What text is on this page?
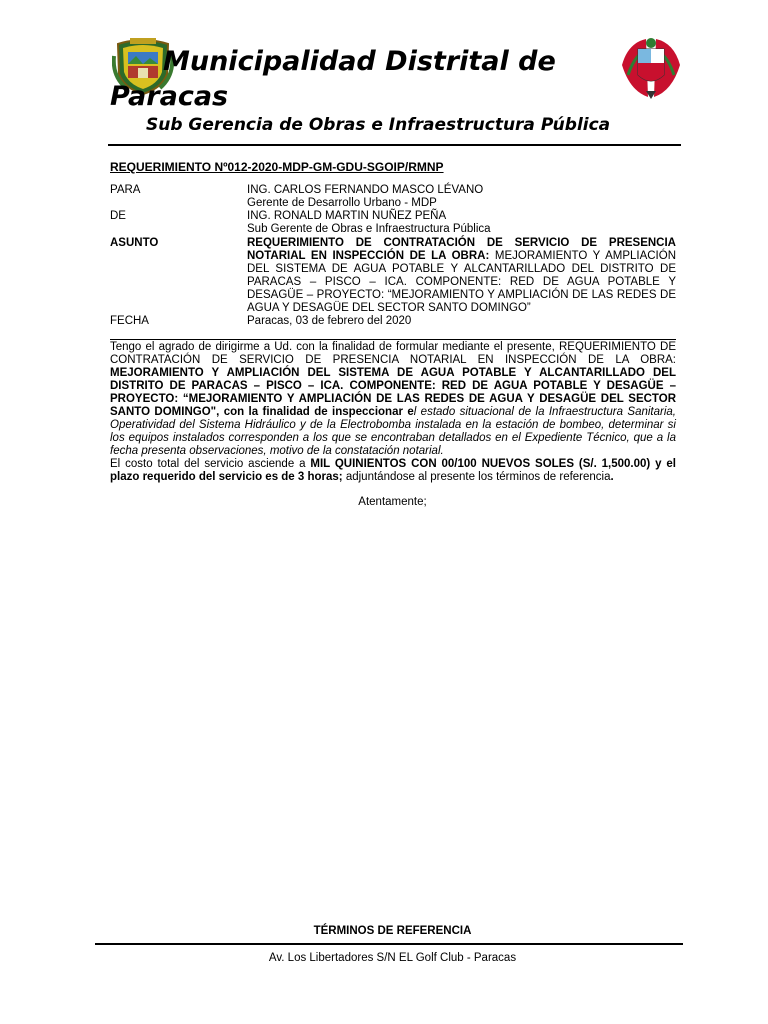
Municipalidad Distrital de
Paracas
Sub Gerencia de Obras e Infraestructura Pública
REQUERIMIENTO Nº012-2020-MDP-GM-GDU-SGOIP/RMNP
PARA	ING. CARLOS FERNANDO MASCO LÉVANO
Gerente de Desarrollo Urbano - MDP
DE	ING. RONALD MARTIN NUÑEZ PEÑA
Sub Gerente de Obras e Infraestructura Pública
ASUNTO	REQUERIMIENTO DE CONTRATACIÓN DE SERVICIO DE PRESENCIA NOTARIAL EN INSPECCIÓN DE LA OBRA: MEJORAMIENTO Y AMPLIACIÓN DEL SISTEMA DE AGUA POTABLE Y ALCANTARILLADO DEL DISTRITO DE PARACAS – PISCO – ICA. COMPONENTE: RED DE AGUA POTABLE Y DESAGÜE – PROYECTO: “MEJORAMIENTO Y AMPLIACIÓN DE LAS REDES DE AGUA Y DESAGÜE DEL SECTOR SANTO DOMINGO”
FECHA	Paracas, 03 de febrero del 2020
Tengo el agrado de dirigirme a Ud. con la finalidad de formular mediante el presente, REQUERIMIENTO DE CONTRATACIÓN DE SERVICIO DE PRESENCIA NOTARIAL EN INSPECCIÓN DE LA OBRA: MEJORAMIENTO Y AMPLIACIÓN DEL SISTEMA DE AGUA POTABLE Y ALCANTARILLADO DEL DISTRITO DE PARACAS – PISCO – ICA. COMPONENTE: RED DE AGUA POTABLE Y DESAGÜE – PROYECTO: “MEJORAMIENTO Y AMPLIACIÓN DE LAS REDES DE AGUA Y DESAGÜE DEL SECTOR SANTO DOMINGO", con la finalidad de inspeccionar el estado situacional de la Infraestructura Sanitaria, Operatividad del Sistema Hidráulico y de la Electrobomba instalada en la estación de bombeo, determinar si los equipos instalados corresponden a los que se encontraban detallados en el Expediente Técnico, que a la fecha presenta observaciones, motivo de la constatación notarial.
El costo total del servicio asciende a MIL QUINIENTOS CON 00/100 NUEVOS SOLES (S/. 1,500.00) y el plazo requerido del servicio es de 3 horas; adjuntándose al presente los términos de referencia.
Atentamente;
TÉRMINOS DE REFERENCIA
Av. Los Libertadores S/N EL Golf Club - Paracas
